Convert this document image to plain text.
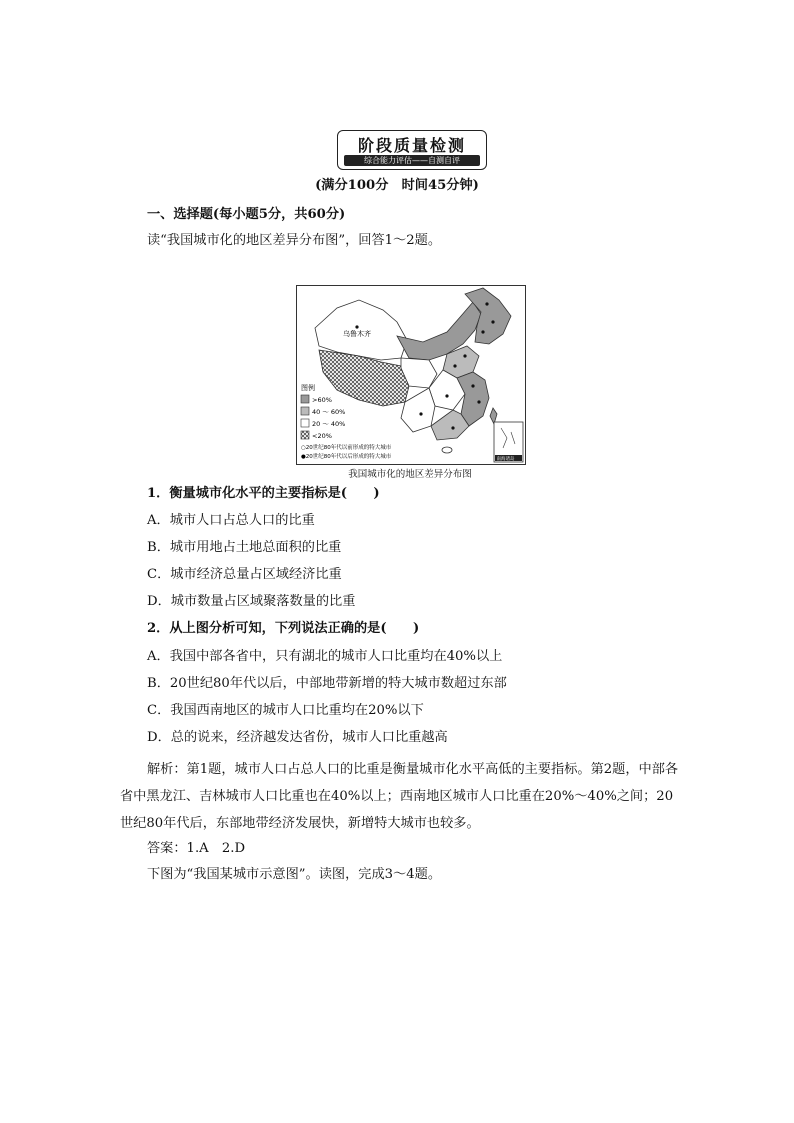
阶段质量检测
综合能力评估——自测自评
(满分100分　时间45分钟)
一、选择题(每小题5分，共60分)
读“我国城市化的地区差异分布图”，回答1～2题。
乌鲁木齐
图例
>60%
40 ～ 60%
20 ～ 40%
<20%
○20世纪80年代以前形成的特大城市
●20世纪80年代以后形成的特大城市	南海诸岛
我国城市化的地区差异分布图
1．衡量城市化水平的主要指标是(　　)
A．城市人口占总人口的比重
B．城市用地占土地总面积的比重
C．城市经济总量占区域经济比重
D．城市数量占区域聚落数量的比重
2．从上图分析可知，下列说法正确的是(　　)
A．我国中部各省中，只有湖北的城市人口比重均在40%以上
B．20世纪80年代以后，中部地带新增的特大城市数超过东部
C．我国西南地区的城市人口比重均在20%以下
D．总的说来，经济越发达省份，城市人口比重越高
解析：第1题，城市人口占总人口的比重是衡量城市化水平高低的主要指标。第2题，中部各省中黑龙江、吉林城市人口比重也在40%以上；西南地区城市人口比重在20%～40%之间；20世纪80年代后，东部地带经济发展快，新增特大城市也较多。
答案：1.A　2.D
下图为“我国某城市示意图”。读图，完成3～4题。
